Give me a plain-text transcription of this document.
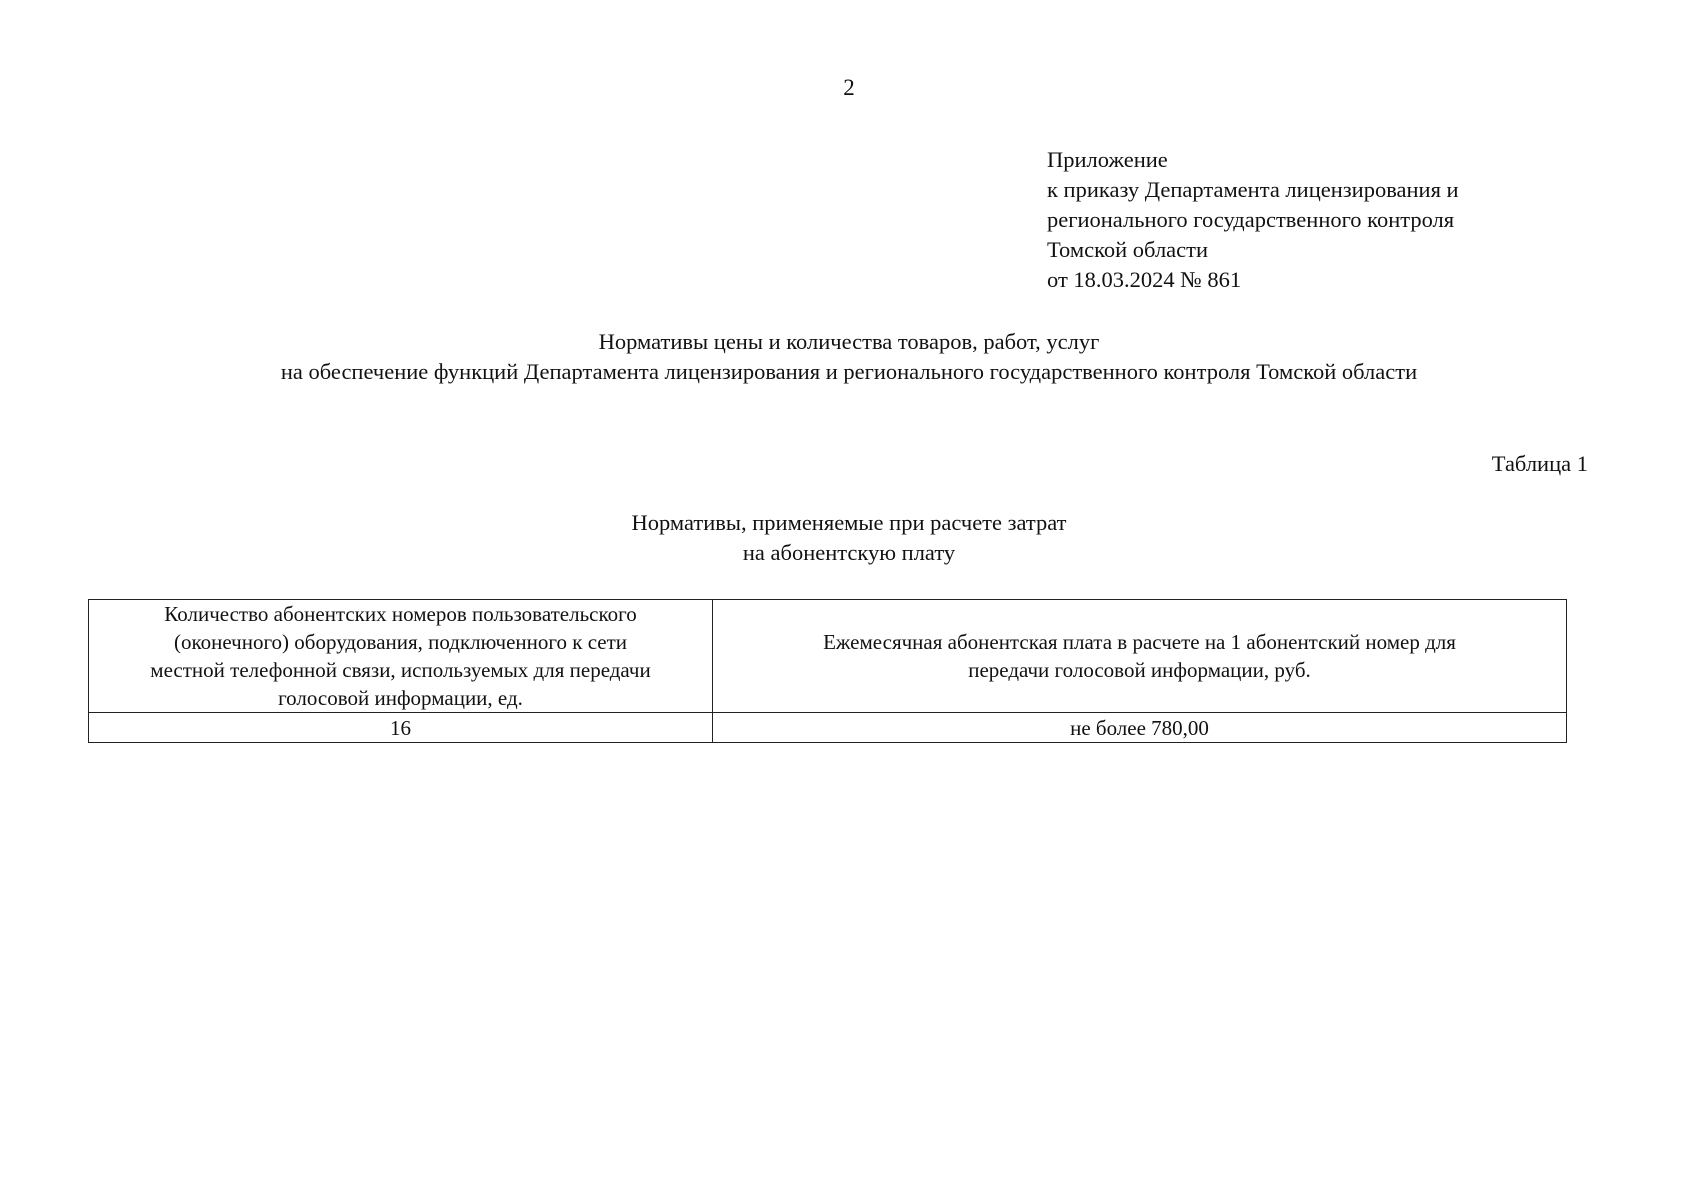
2
Приложение
к приказу Департамента лицензирования и
регионального государственного контроля
Томской области
от 18.03.2024 № 861
Нормативы цены и количества товаров, работ, услуг
на обеспечение функций Департамента лицензирования и регионального государственного контроля Томской области
Таблица 1
Нормативы, применяемые при расчете затрат
на абонентскую плату
Количество абонентских номеров пользовательского
(оконечного) оборудования, подключенного к сети
местной телефонной связи, используемых для передачи
голосовой информации, ед.	Ежемесячная абонентская плата в расчете на 1 абонентский номер для
передачи голосовой информации, руб.
16	не более 780,00
